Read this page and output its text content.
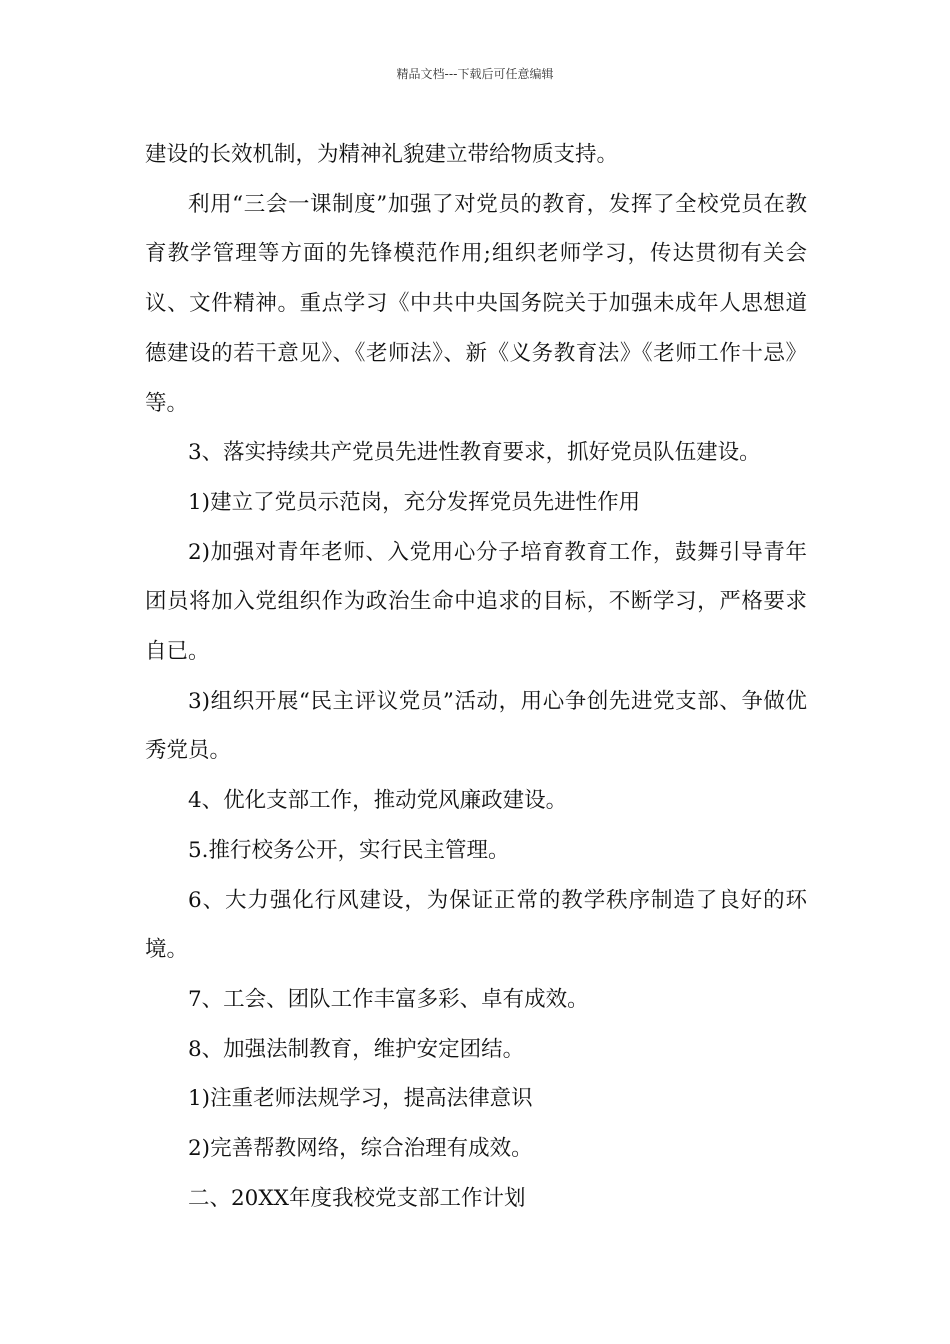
精品文档---下载后可任意编辑

建设的长效机制，为精神礼貌建立带给物质支持。

利用“三会一课制度”加强了对党员的教育，发挥了全校党员在教育教学管理等方面的先锋模范作用;组织老师学习，传达贯彻有关会议、文件精神。重点学习《中共中央国务院关于加强未成年人思想道德建设的若干意见》、《老师法》、新《义务教育法》《老师工作十忌》等。

3、落实持续共产党员先进性教育要求，抓好党员队伍建设。

1)建立了党员示范岗，充分发挥党员先进性作用

2)加强对青年老师、入党用心分子培育教育工作，鼓舞引导青年团员将加入党组织作为政治生命中追求的目标，不断学习，严格要求自已。

3)组织开展“民主评议党员”活动，用心争创先进党支部、争做优秀党员。

4、优化支部工作，推动党风廉政建设。

5.推行校务公开，实行民主管理。

6、大力强化行风建设，为保证正常的教学秩序制造了良好的环境。

7、工会、团队工作丰富多彩、卓有成效。

8、加强法制教育，维护安定团结。

1)注重老师法规学习，提高法律意识

2)完善帮教网络，综合治理有成效。

二、20XX年度我校党支部工作计划
